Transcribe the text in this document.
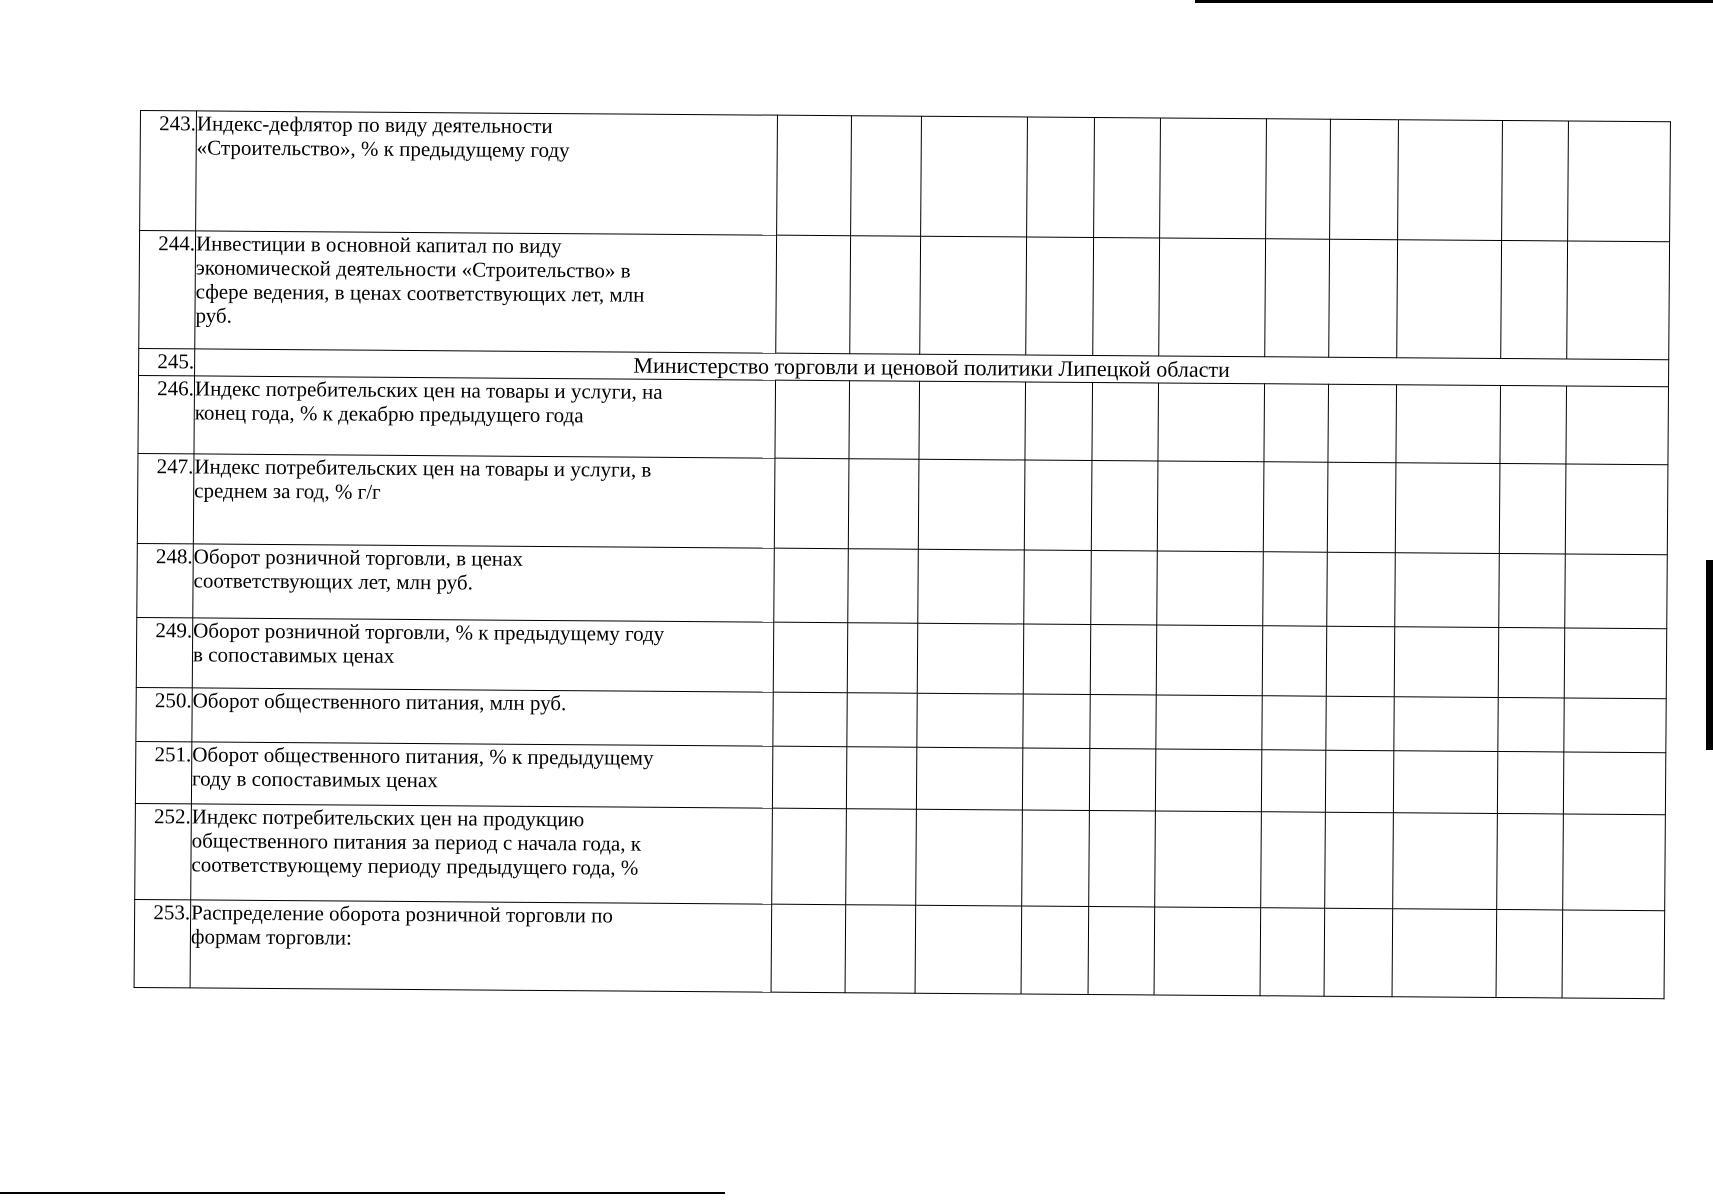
243.	Индекс-дефлятор по виду деятельности
«Строительство», % к предыдущему году											

244.	Инвестиции в основной капитал по виду
экономической деятельности «Строительство» в
сфере ведения, в ценах соответствующих лет, млн
руб.											

245.	Министерство торговли и ценовой политики Липецкой области											
246.	Индекс потребительских цен на товары и услуги, на
конец года, % к декабрю предыдущего года											

247.	Индекс потребительских цен на товары и услуги, в
среднем за год, % г/г											

248.	Оборот розничной торговли, в ценах
соответствующих лет, млн руб.											

249.	Оборот розничной торговли, % к предыдущему году
в сопоставимых ценах											

250.	Оборот общественного питания, млн руб.											

251.	Оборот общественного питания, % к предыдущему
году в сопоставимых ценах											

252.	Индекс потребительских цен на продукцию
общественного питания за период с начала года, к
соответствующему периоду предыдущего года, %											

253.	Распределение оборота розничной торговли по
формам торговли:											
